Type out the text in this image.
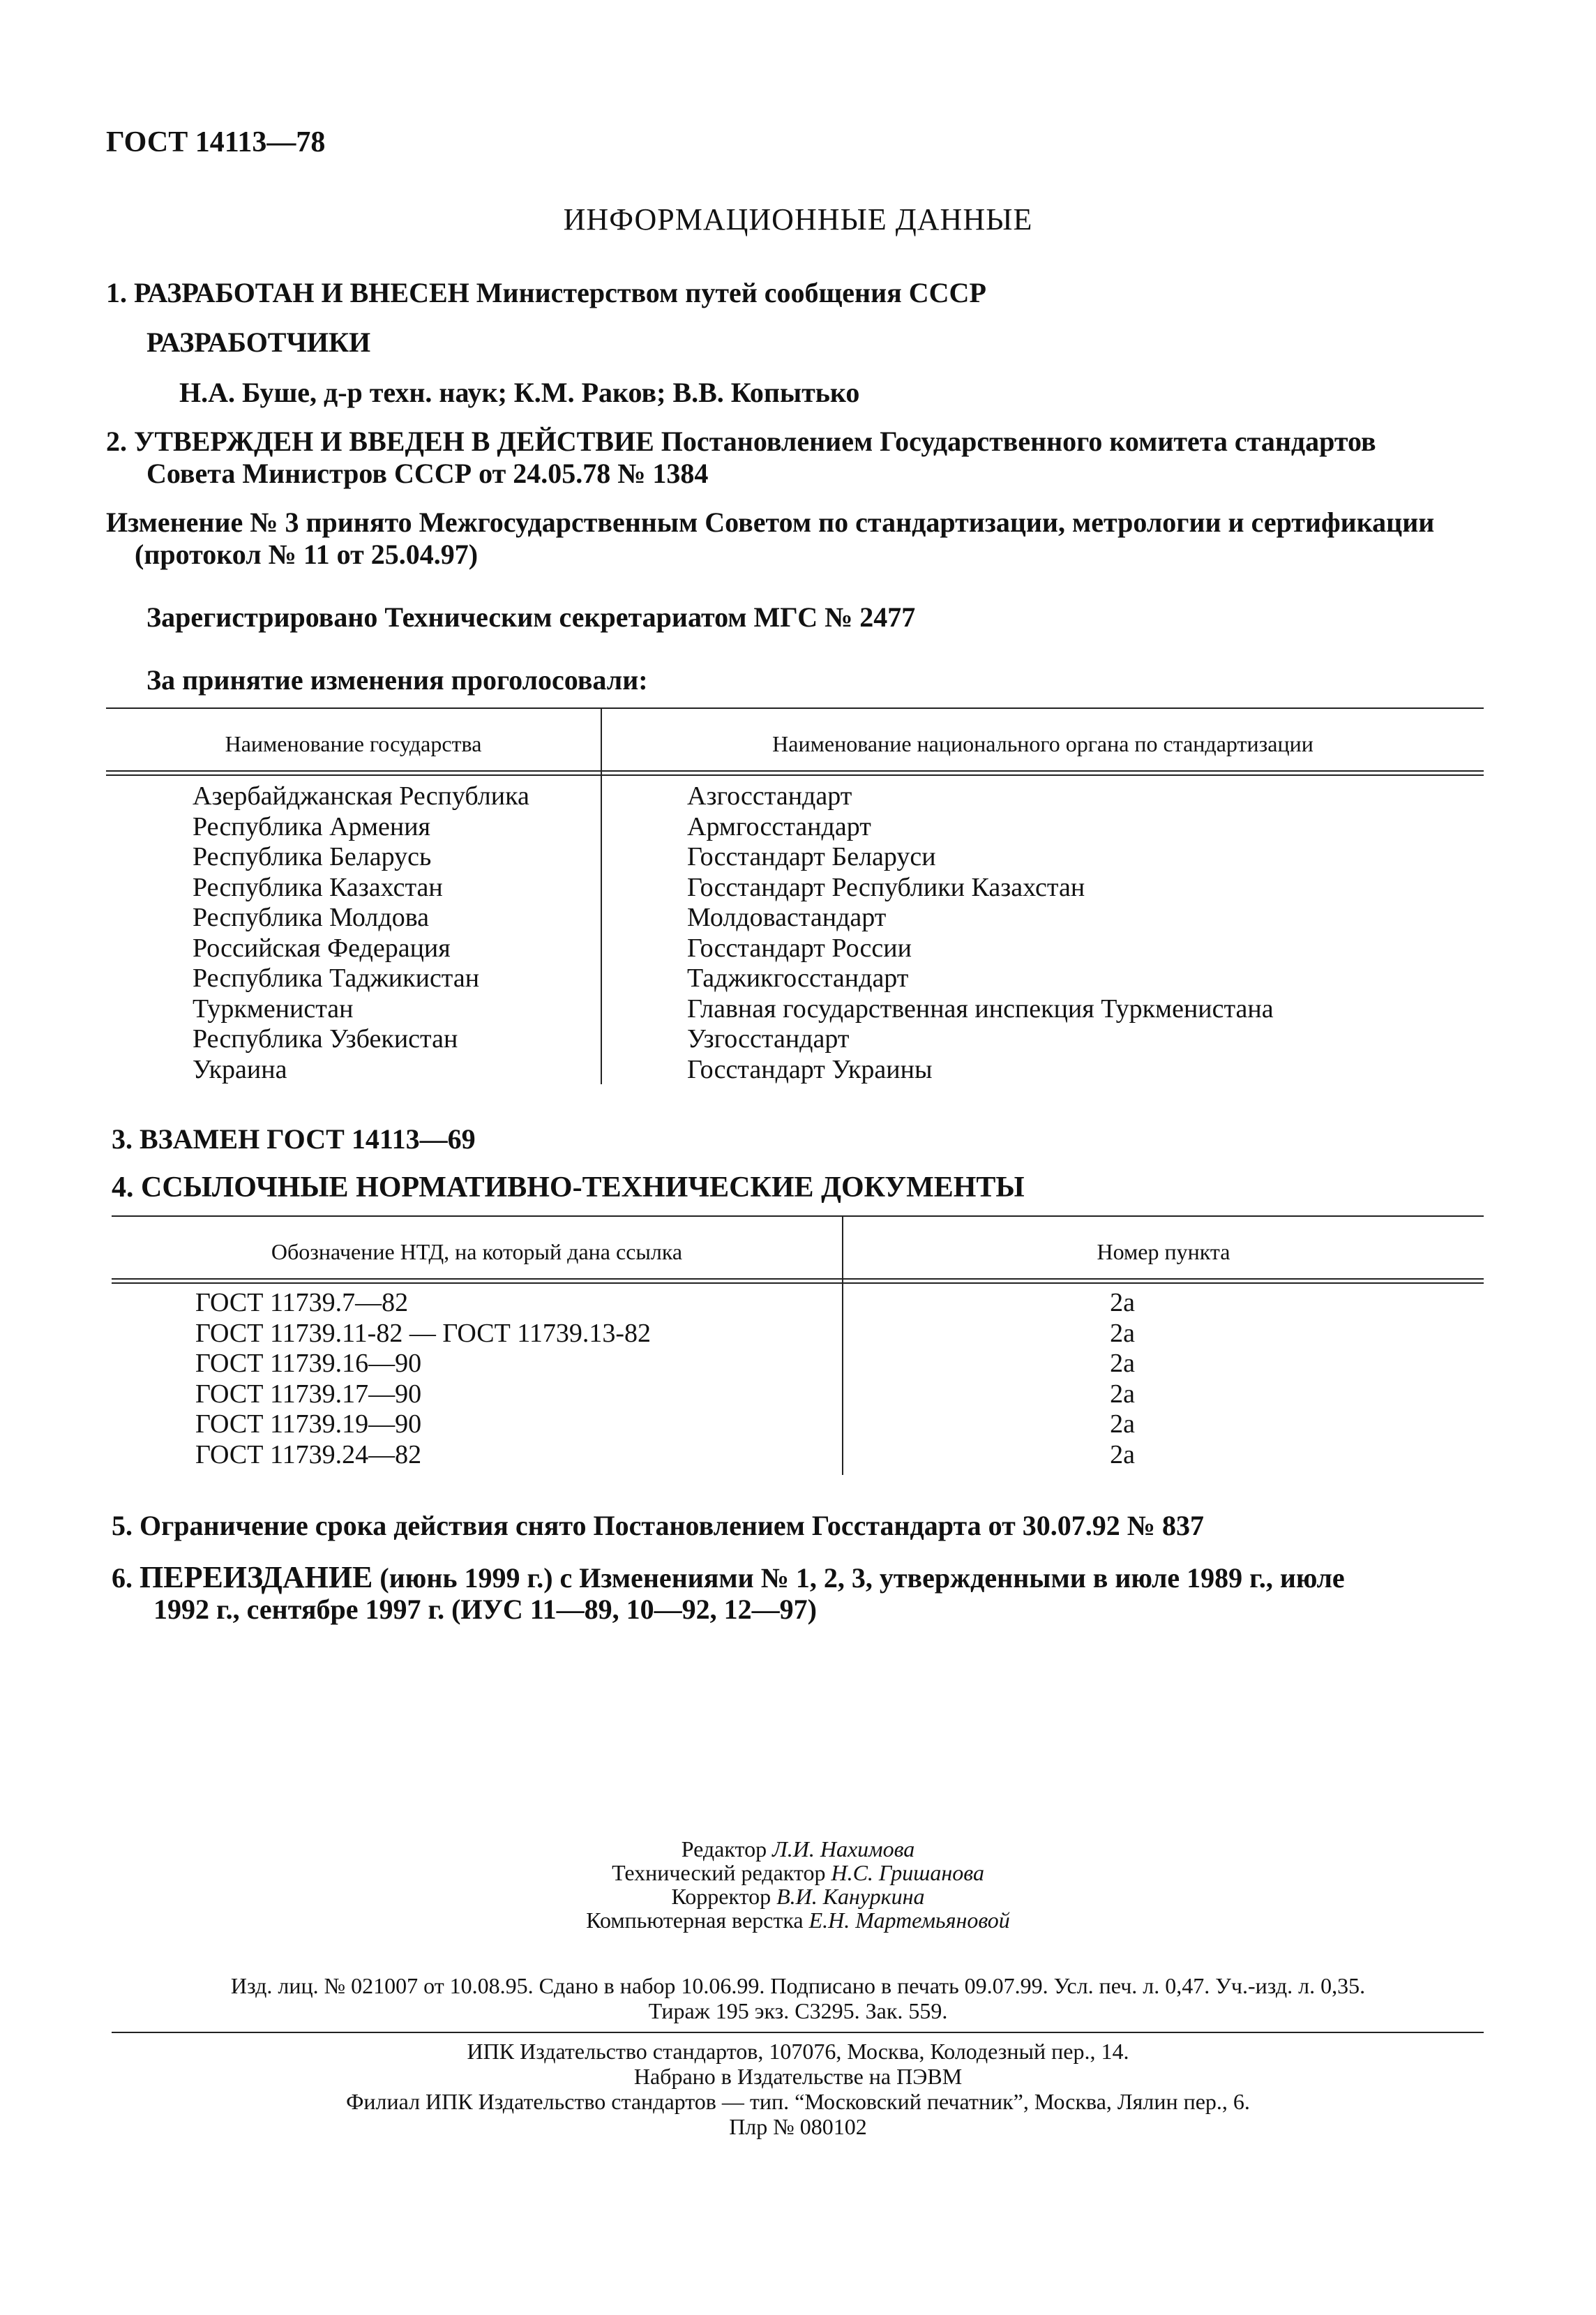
ГОСТ 14113—78
ИНФОРМАЦИОННЫЕ ДАННЫЕ
1. РАЗРАБОТАН И ВНЕСЕН Министерством путей сообщения СССР
РАЗРАБОТЧИКИ
Н.А. Буше, д-р техн. наук; К.М. Раков; В.В. Копытько
2. УТВЕРЖДЕН И ВВЕДЕН В ДЕЙСТВИЕ Постановлением Государственного комитета стандартов
Совета Министров СССР от 24.05.78 № 1384
Изменение № 3 принято Межгосударственным Советом по стандартизации, метрологии и сертификации
(протокол № 11 от 25.04.97)
Зарегистрировано Техническим секретариатом МГС № 2477
За принятие изменения проголосовали:
Наименование государства	Наименование национального органа по стандартизации
Азербайджанская Республика
Республика Армения
Республика Беларусь
Республика Казахстан
Республика Молдова
Российская Федерация
Республика Таджикистан
Туркменистан
Республика Узбекистан
Украина
Азгосстандарт
Армгосстандарт
Госстандарт Беларуси
Госстандарт Республики Казахстан
Молдовастандарт
Госстандарт России
Таджикгосстандарт
Главная государственная инспекция Туркменистана
Узгосстандарт
Госстандарт Украины
3. ВЗАМЕН ГОСТ 14113—69
4. ССЫЛОЧНЫЕ НОРМАТИВНО-ТЕХНИЧЕСКИЕ ДОКУМЕНТЫ
Обозначение НТД, на который дана ссылка	Номер пункта
ГОСТ 11739.7—82
ГОСТ 11739.11-82 — ГОСТ 11739.13-82
ГОСТ 11739.16—90
ГОСТ 11739.17—90
ГОСТ 11739.19—90
ГОСТ 11739.24—82
2а
2а
2а
2а
2а
2а
5. Ограничение срока действия снято Постановлением Госстандарта от 30.07.92 № 837
6. ПЕРЕИЗДАНИЕ (июнь 1999 г.) с Изменениями № 1, 2, 3, утвержденными в июле 1989 г., июле
1992 г., сентябре 1997 г. (ИУС 11—89, 10—92, 12—97)
Редактор Л.И. Нахимова
Технический редактор Н.С. Гришанова
Корректор В.И. Кануркина
Компьютерная верстка Е.Н. Мартемьяновой
Изд. лиц. № 021007 от 10.08.95. Сдано в набор 10.06.99. Подписано в печать 09.07.99. Усл. печ. л. 0,47. Уч.-изд. л. 0,35.
Тираж 195 экз. С3295. Зак. 559.
ИПК Издательство стандартов, 107076, Москва, Колодезный пер., 14.
Набрано в Издательстве на ПЭВМ
Филиал ИПК Издательство стандартов — тип. “Московский печатник”, Москва, Лялин пер., 6.
Плр № 080102
